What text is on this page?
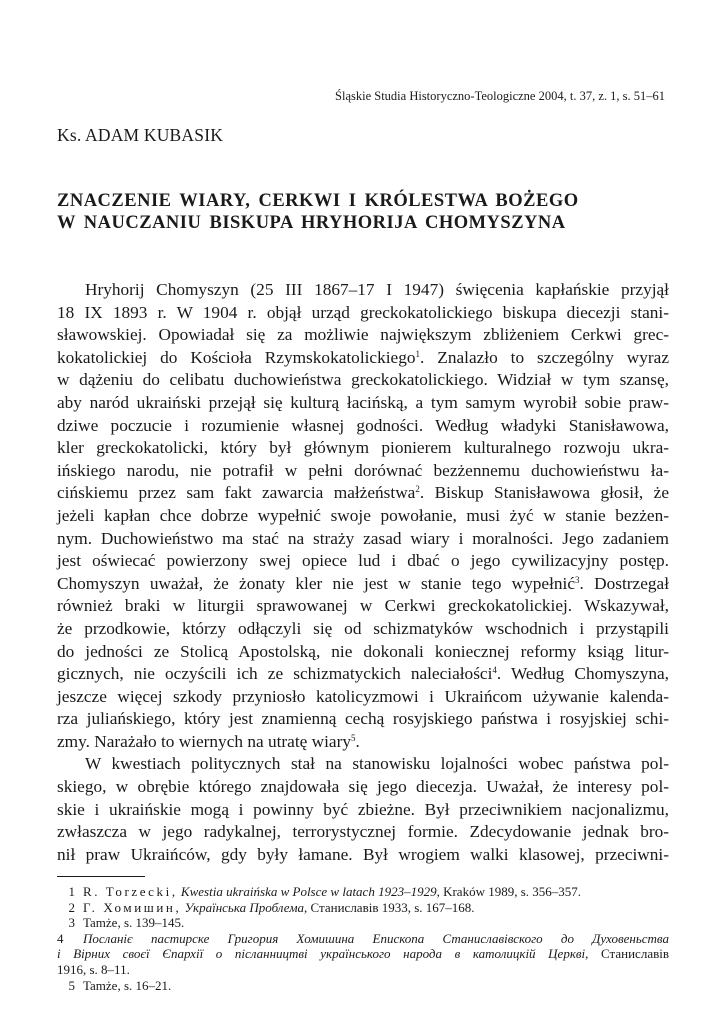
Śląskie Studia Historyczno-Teologiczne 2004, t. 37, z. 1, s. 51–61
Ks. ADAM KUBASIK
ZNACZENIE WIARY, CERKWI I KRÓLESTWA BOŻEGO
W NAUCZANIU BISKUPA HRYHORIJA CHOMYSZYNA
Hryhorij Chomyszyn (25 III 1867–17 I 1947) święcenia kapłańskie przyjął
18 IX 1893 r. W 1904 r. objął urząd greckokatolickiego biskupa diecezji stani-
sławowskiej. Opowiadał się za możliwie największym zbliżeniem Cerkwi grec-
kokatolickiej do Kościoła Rzymskokatolickiego$^1$. Znalazło to szczególny wyraz
w dążeniu do celibatu duchowieństwa greckokatolickiego. Widział w tym szansę,
aby naród ukraiński przejął się kulturą łacińską, a tym samym wyrobił sobie praw-
dziwe poczucie i rozumienie własnej godności. Według władyki Stanisławowa,
kler greckokatolicki, który był głównym pionierem kulturalnego rozwoju ukra-
ińskiego narodu, nie potrafił w pełni dorównać bezżennemu duchowieństwu ła-
cińskiemu przez sam fakt zawarcia małżeństwa$^2$. Biskup Stanisławowa głosił, że
jeżeli kapłan chce dobrze wypełnić swoje powołanie, musi żyć w stanie bezżen-
nym. Duchowieństwo ma stać na straży zasad wiary i moralności. Jego zadaniem
jest oświecać powierzony swej opiece lud i dbać o jego cywilizacyjny postęp.
Chomyszyn uważał, że żonaty kler nie jest w stanie tego wypełnić$^3$. Dostrzegał
również braki w liturgii sprawowanej w Cerkwi greckokatolickiej. Wskazywał,
że przodkowie, którzy odłączyli się od schizmatyków wschodnich i przystąpili
do jedności ze Stolicą Apostolską, nie dokonali koniecznej reformy ksiąg litur-
gicznych, nie oczyścili ich ze schizmatyckich naleciałości$^4$. Według Chomyszyna,
jeszcze więcej szkody przyniosło katolicyzmowi i Ukraińcom używanie kalenda-
rza juliańskiego, który jest znamienną cechą rosyjskiego państwa i rosyjskiej schi-
zmy. Narażało to wiernych na utratę wiary$^5$.
W kwestiach politycznych stał na stanowisku lojalności wobec państwa pol-
skiego, w obrębie którego znajdowała się jego diecezja. Uważał, że interesy pol-
skie i ukraińskie mogą i powinny być zbieżne. Był przeciwnikiem nacjonalizmu,
zwłaszcza w jego radykalnej, terrorystycznej formie. Zdecydowanie jednak bro-
nił praw Ukraińców, gdy były łamane. Był wrogiem walki klasowej, przeciwni-
1 R. Torzecki, Kwestia ukraińska w Polsce w latach 1923–1929, Kraków 1989, s. 356–357.
2 Г. Хомишин, Українська Проблема, Станиславів 1933, s. 167–168.
3 Tamże, s. 139–145.
4 Посланіє пастирске Григория Хомишина Епископа Станиславівского до Духовеньства
і Вірних своєї Єпархії о післанництві українського народа в католицкій Церкві, Станиславів
1916, s. 8–11.
5 Tamże, s. 16–21.
